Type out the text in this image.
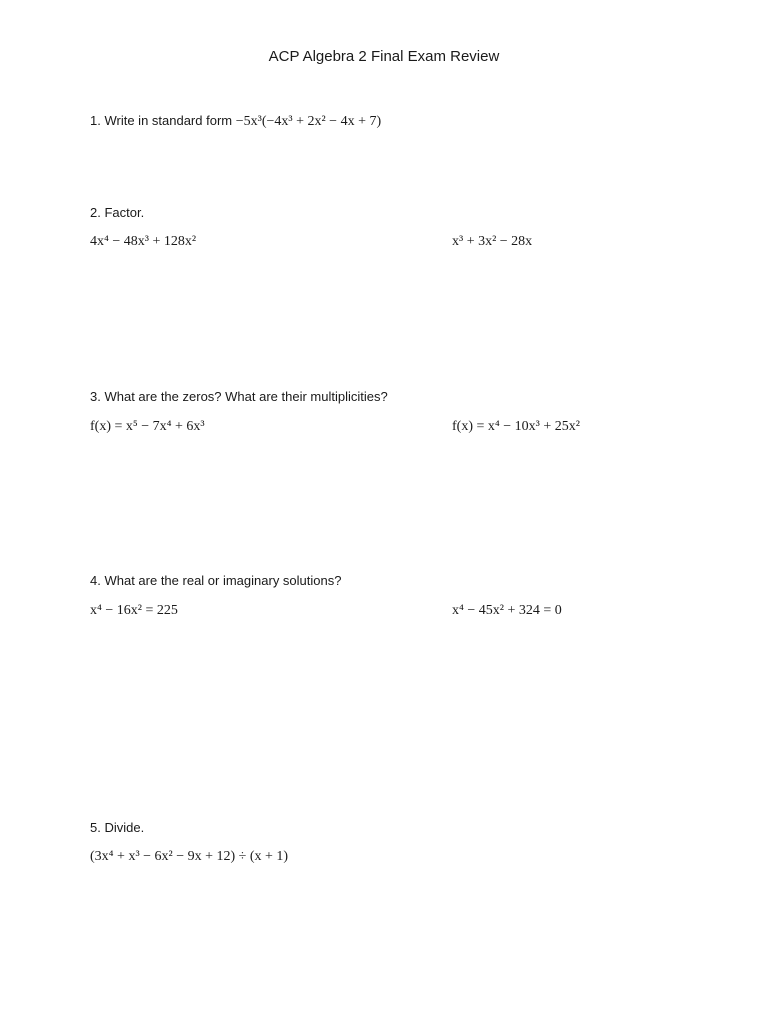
ACP Algebra 2 Final Exam Review
1. Write in standard form −5x³(−4x³ + 2x² − 4x + 7)
2. Factor.
4x⁴ − 48x³ + 128x²	x³ + 3x² − 28x
3. What are the zeros? What are their multiplicities?
f(x) = x⁵ − 7x⁴ + 6x³	f(x) = x⁴ − 10x³ + 25x²
4. What are the real or imaginary solutions?
x⁴ − 16x² = 225	x⁴ − 45x² + 324 = 0
5. Divide.
(3x⁴ + x³ − 6x² − 9x + 12) ÷ (x + 1)
